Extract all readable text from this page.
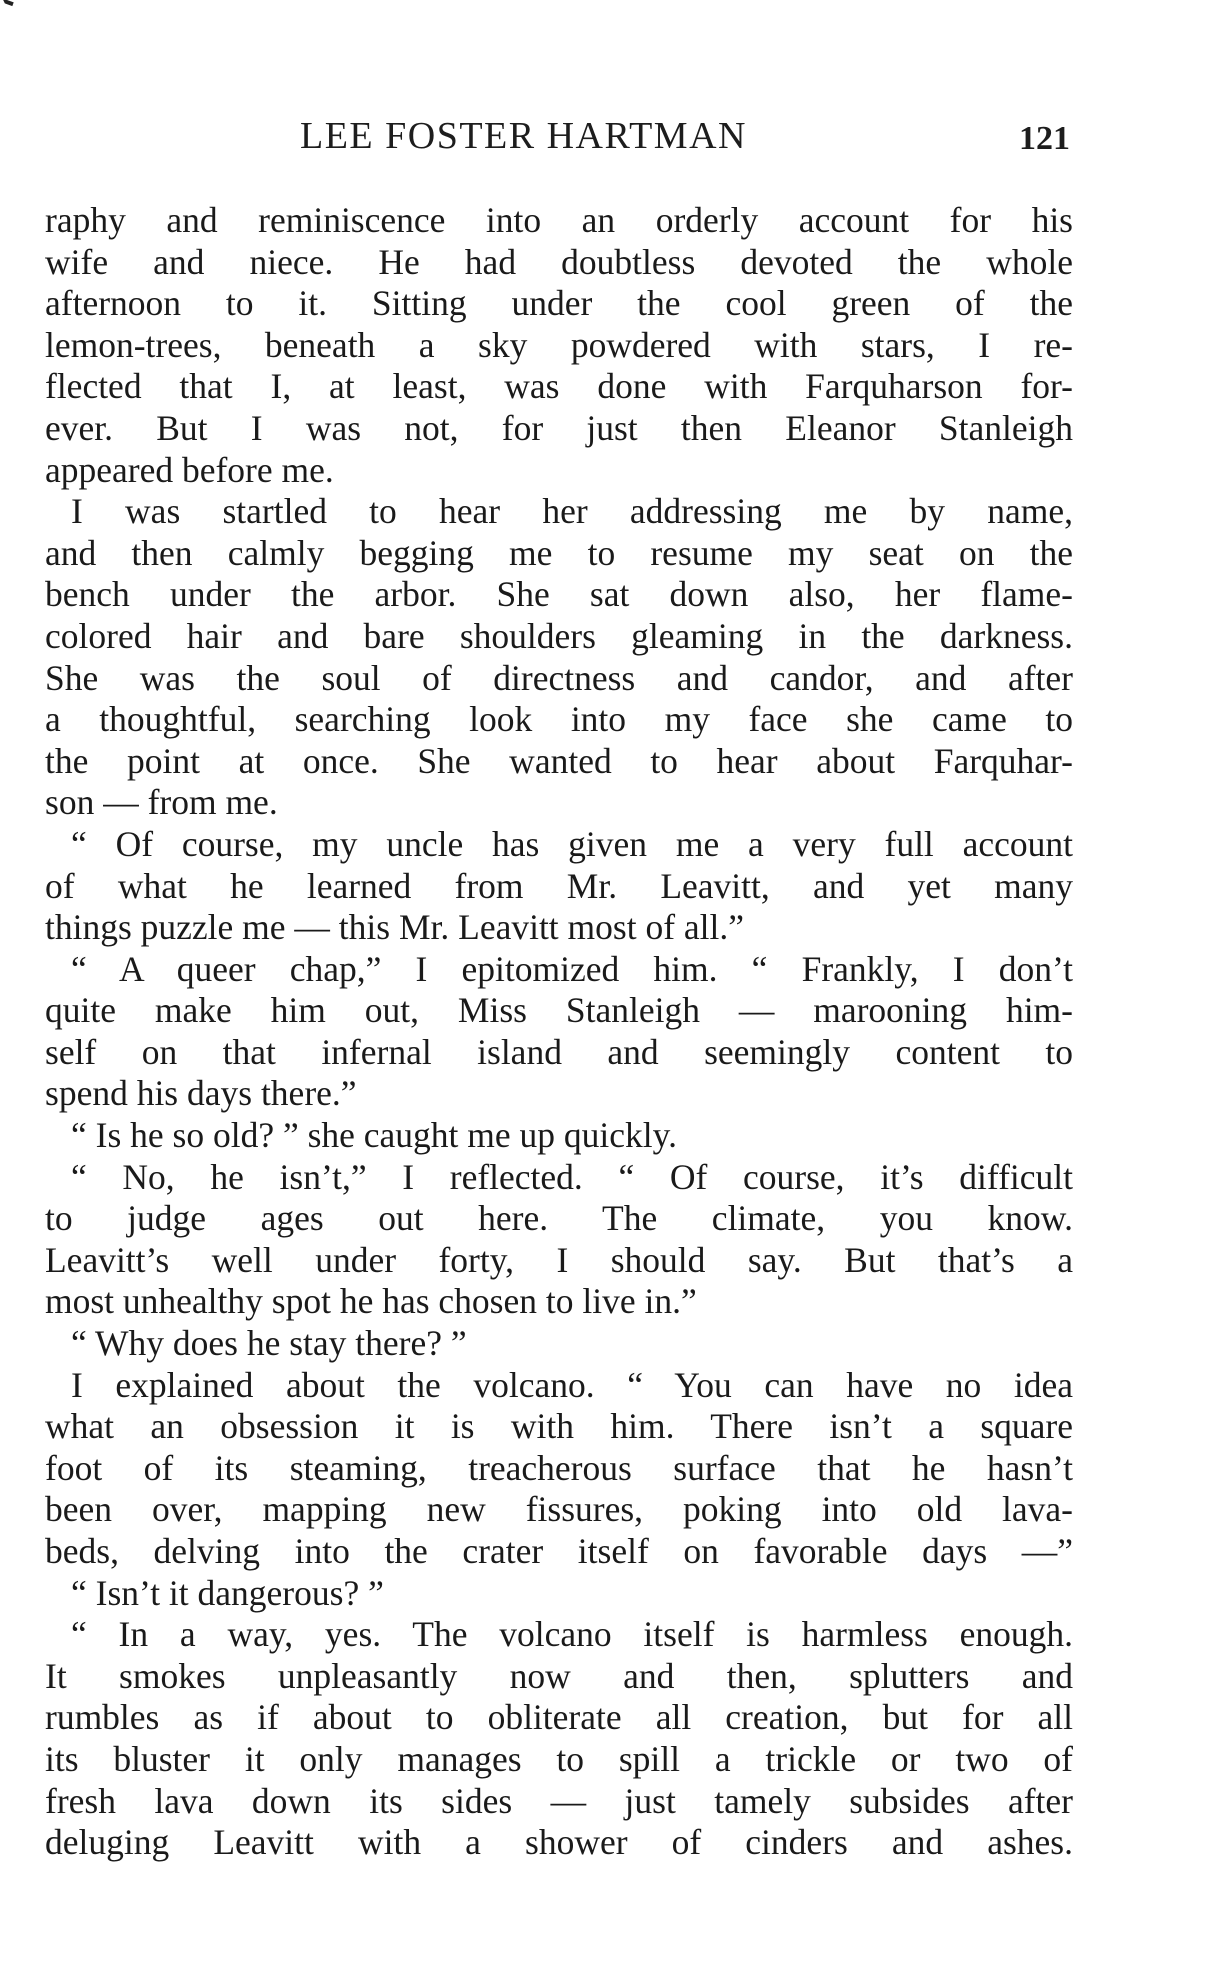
LEE FOSTER HARTMAN	121
raphy and reminiscence into an orderly account for his
wife and niece. He had doubtless devoted the whole
afternoon to it. Sitting under the cool green of the
lemon-trees, beneath a sky powdered with stars, I re-
flected that I, at least, was done with Farquharson for-
ever. But I was not, for just then Eleanor Stanleigh
appeared before me.
I was startled to hear her addressing me by name,
and then calmly begging me to resume my seat on the
bench under the arbor. She sat down also, her flame-
colored hair and bare shoulders gleaming in the darkness.
She was the soul of directness and candor, and after
a thoughtful, searching look into my face she came to
the point at once. She wanted to hear about Farquhar-
son — from me.
“ Of course, my uncle has given me a very full account
of what he learned from Mr. Leavitt, and yet many
things puzzle me — this Mr. Leavitt most of all.”
“ A queer chap,” I epitomized him. “ Frankly, I don’t
quite make him out, Miss Stanleigh — marooning him-
self on that infernal island and seemingly content to
spend his days there.”
“ Is he so old? ” she caught me up quickly.
“ No, he isn’t,” I reflected. “ Of course, it’s difficult
to judge ages out here. The climate, you know.
Leavitt’s well under forty, I should say. But that’s a
most unhealthy spot he has chosen to live in.”
“ Why does he stay there? ”
I explained about the volcano. “ You can have no idea
what an obsession it is with him. There isn’t a square
foot of its steaming, treacherous surface that he hasn’t
been over, mapping new fissures, poking into old lava-
beds, delving into the crater itself on favorable days —”
“ Isn’t it dangerous? ”
“ In a way, yes. The volcano itself is harmless enough.
It smokes unpleasantly now and then, splutters and
rumbles as if about to obliterate all creation, but for all
its bluster it only manages to spill a trickle or two of
fresh lava down its sides — just tamely subsides after
deluging Leavitt with a shower of cinders and ashes.
